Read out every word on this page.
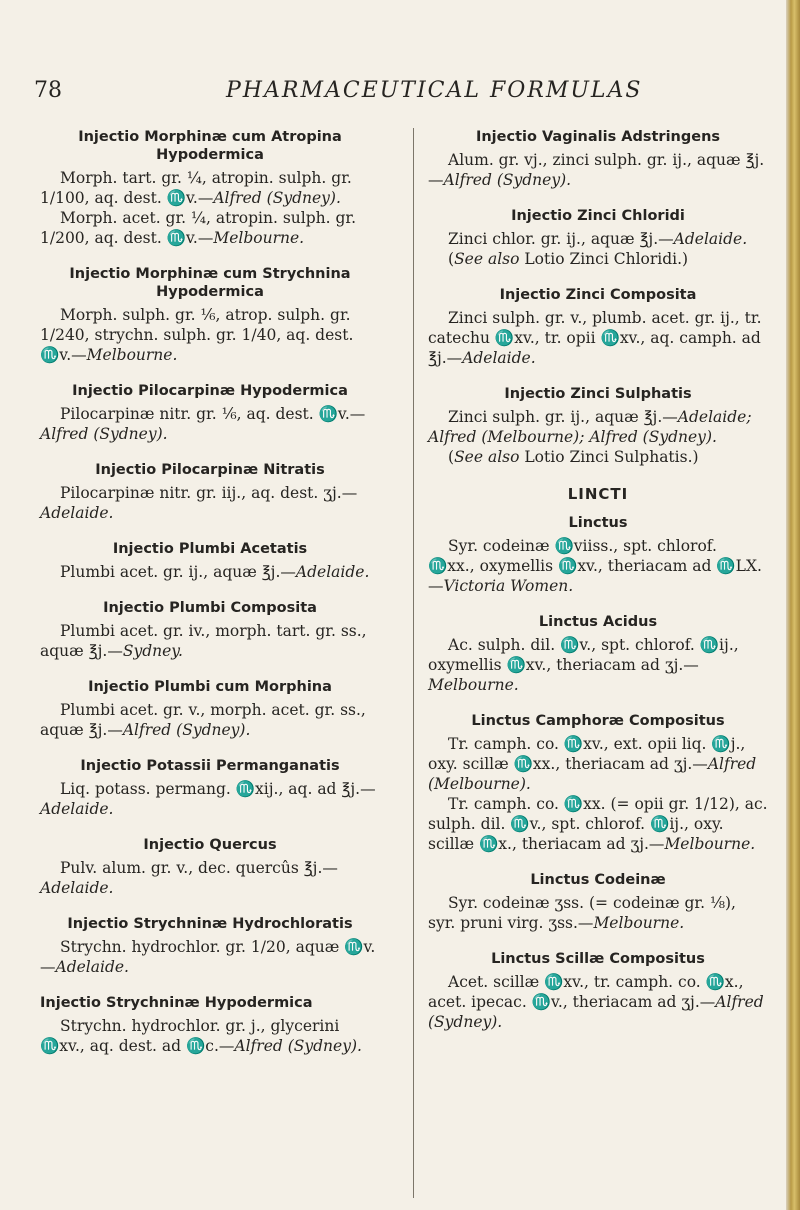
78	PHARMACEUTICAL FORMULAS
Injectio Morphinæ cum Atropina Hypodermica
Morph. tart. gr. ¼, atropin. sulph. gr. 1/100, aq. dest. ♏v.—Alfred (Sydney).
Morph. acet. gr. ¼, atropin. sulph. gr. 1/200, aq. dest. ♏v.—Melbourne.
Injectio Morphinæ cum Strychnina Hypodermica
Morph. sulph. gr. ⅙, atrop. sulph. gr. 1/240, strychn. sulph. gr. 1/40, aq. dest. ♏v.—Melbourne.
Injectio Pilocarpinæ Hypodermica
Pilocarpinæ nitr. gr. ⅙, aq. dest. ♏v.—Alfred (Sydney).
Injectio Pilocarpinæ Nitratis
Pilocarpinæ nitr. gr. iij., aq. dest. ʒj.—Adelaide.
Injectio Plumbi Acetatis
Plumbi acet. gr. ij., aquæ ℥j.—Adelaide.
Injectio Plumbi Composita
Plumbi acet. gr. iv., morph. tart. gr. ss., aquæ ℥j.—Sydney.
Injectio Plumbi cum Morphina
Plumbi acet. gr. v., morph. acet. gr. ss., aquæ ℥j.—Alfred (Sydney).
Injectio Potassii Permanganatis
Liq. potass. permang. ♏xij., aq. ad ℥j.—Adelaide.
Injectio Quercus
Pulv. alum. gr. v., dec. quercûs ℥j.—Adelaide.
Injectio Strychninæ Hydrochloratis
Strychn. hydrochlor. gr. 1/20, aquæ ♏v.—Adelaide.
Injectio Strychninæ Hypodermica
Strychn. hydrochlor. gr. j., glycerini ♏xv., aq. dest. ad ♏c.—Alfred (Sydney).
Injectio Vaginalis Adstringens
Alum. gr. vj., zinci sulph. gr. ij., aquæ ℥j.—Alfred (Sydney).
Injectio Zinci Chloridi
Zinci chlor. gr. ij., aquæ ℥j.—Adelaide.
(See also Lotio Zinci Chloridi.)
Injectio Zinci Composita
Zinci sulph. gr. v., plumb. acet. gr. ij., tr. catechu ♏xv., tr. opii ♏xv., aq. camph. ad ℥j.—Adelaide.
Injectio Zinci Sulphatis
Zinci sulph. gr. ij., aquæ ℥j.—Adelaide; Alfred (Melbourne); Alfred (Sydney).
(See also Lotio Zinci Sulphatis.)
LINCTI
Linctus
Syr. codeinæ ♏viiss., spt. chlorof. ♏xx., oxymellis ♏xv., theriacam ad ♏LX.—Victoria Women.
Linctus Acidus
Ac. sulph. dil. ♏v., spt. chlorof. ♏ij., oxymellis ♏xv., theriacam ad ʒj.—Melbourne.
Linctus Camphoræ Compositus
Tr. camph. co. ♏xv., ext. opii liq. ♏j., oxy. scillæ ♏xx., theriacam ad ʒj.—Alfred (Melbourne).
Tr. camph. co. ♏xx. (= opii gr. 1/12), ac. sulph. dil. ♏v., spt. chlorof. ♏ij., oxy. scillæ ♏x., theriacam ad ʒj.—Melbourne.
Linctus Codeinæ
Syr. codeinæ ʒss. (= codeinæ gr. ⅛), syr. pruni virg. ʒss.—Melbourne.
Linctus Scillæ Compositus
Acet. scillæ ♏xv., tr. camph. co. ♏x., acet. ipecac. ♏v., theriacam ad ʒj.—Alfred (Sydney).
